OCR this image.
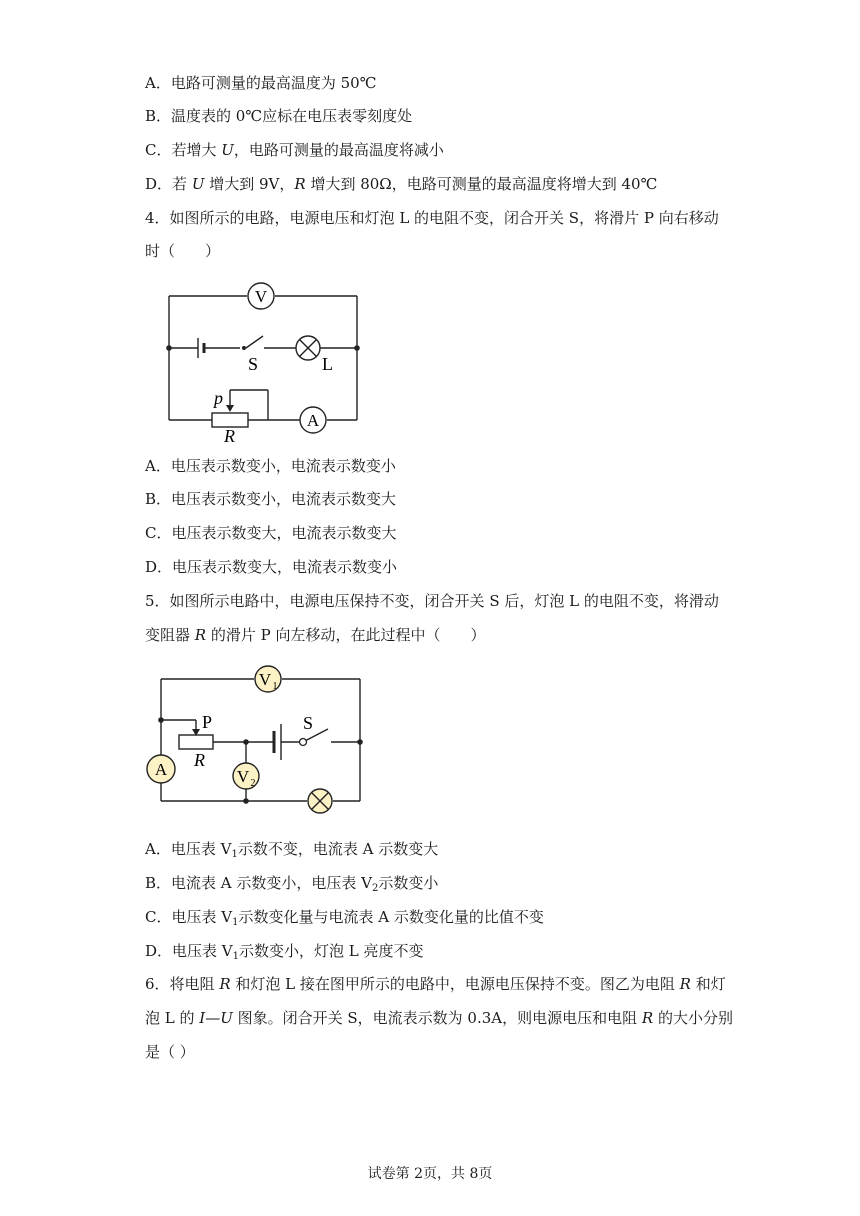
A．电路可测量的最高温度为 50℃
B．温度表的 0℃应标在电压表零刻度处
C．若增大 U，电路可测量的最高温度将减小
D．若 U 增大到 9V，R 增大到 80Ω，电路可测量的最高温度将增大到 40℃
4．如图所示的电路，电源电压和灯泡 L 的电阻不变，闭合开关 S，将滑片 P 向右移动
时（　　）
V
A
S	L
p
R
A．电压表示数变小，电流表示数变小
B．电压表示数变小，电流表示数变大
C．电压表示数变大，电流表示数变大
D．电压表示数变大，电流表示数变小
5．如图所示电路中，电源电压保持不变，闭合开关 S 后，灯泡 L 的电阻不变，将滑动
变阻器 R 的滑片 P 向左移动，在此过程中（　　）
V 1
A	V 2
P
R
S
A．电压表 $V_1$示数不变，电流表 A 示数变大
B．电流表 A 示数变小，电压表 $V_2$示数变小
C．电压表 $V_1$示数变化量与电流表 A 示数变化量的比值不变
D．电压表 $V_1$示数变小，灯泡 L 亮度不变
6．将电阻 R 和灯泡 L 接在图甲所示的电路中，电源电压保持不变。图乙为电阻 R 和灯
泡 L 的 I—U 图象。闭合开关 S，电流表示数为 0.3A，则电源电压和电阻 R 的大小分别
是（ ）
试卷第 2页，共 8页
